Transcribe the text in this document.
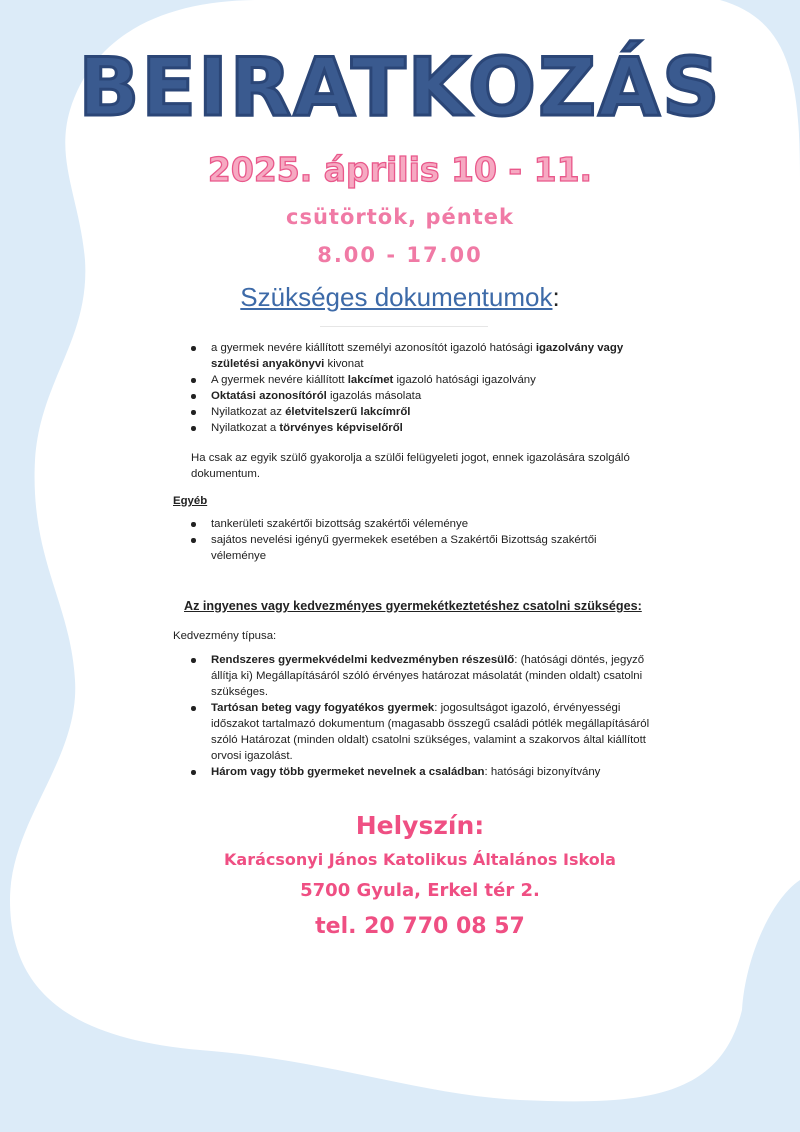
BEIRATKOZÁS
2025. április 10 - 11.
csütörtök, péntek
8.00 - 17.00
Szükséges dokumentumok:
a gyermek nevére kiállított személyi azonosítót igazoló hatósági igazolvány vagy születési anyakönyvi kivonat
A gyermek nevére kiállított lakcímet igazoló hatósági igazolvány
Oktatási azonosítóról igazolás másolata
Nyilatkozat az életvitelszerű lakcímről
Nyilatkozat a törvényes képviselőről
Ha csak az egyik szülő gyakorolja a szülői felügyeleti jogot, ennek igazolására szolgáló dokumentum.
Egyéb
tankerületi szakértői bizottság szakértői véleménye
sajátos nevelési igényű gyermekek esetében a Szakértői Bizottság szakértői véleménye
Az ingyenes vagy kedvezményes gyermekétkeztetéshez csatolni szükséges:
Kedvezmény típusa:
Rendszeres gyermekvédelmi kedvezményben részesülő: (hatósági döntés, jegyző állítja ki) Megállapításáról szóló érvényes határozat másolatát (minden oldalt) csatolni szükséges.
Tartósan beteg vagy fogyatékos gyermek: jogosultságot igazoló, érvényességi időszakot tartalmazó dokumentum (magasabb összegű családi pótlék megállapításáról szóló Határozat (minden oldalt) csatolni szükséges, valamint a szakorvos által kiállított orvosi igazolást.
Három vagy több gyermeket nevelnek a családban: hatósági bizonyítvány
Helyszín:
Karácsonyi János Katolikus Általános Iskola
5700 Gyula, Erkel tér 2.
tel. 20 770 08 57
